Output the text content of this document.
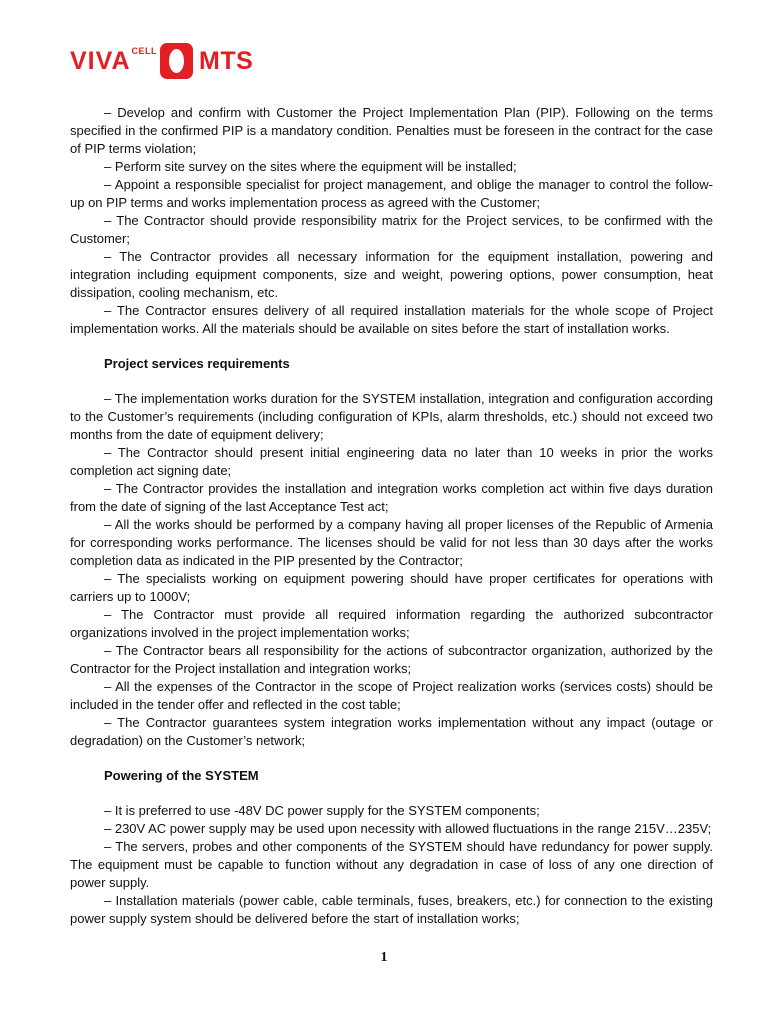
VIVA CELL MTS

– Develop and confirm with Customer the Project Implementation Plan (PIP). Following on the terms specified in the confirmed PIP is a mandatory condition. Penalties must be foreseen in the contract for the case of PIP terms violation;

– Perform site survey on the sites where the equipment will be installed;

– Appoint a responsible specialist for project management, and oblige the manager to control the follow-up on PIP terms and works implementation process as agreed with the Customer;

– The Contractor should provide responsibility matrix for the Project services, to be confirmed with the Customer;

– The Contractor provides all necessary information for the equipment installation, powering and integration including equipment components, size and weight, powering options, power consumption, heat dissipation, cooling mechanism, etc.

– The Contractor ensures delivery of all required installation materials for the whole scope of Project implementation works. All the materials should be available on sites before the start of installation works.

Project services requirements

– The implementation works duration for the SYSTEM installation, integration and configuration according to the Customer’s requirements (including configuration of KPIs, alarm thresholds, etc.) should not exceed two months from the date of equipment delivery;

– The Contractor should present initial engineering data no later than 10 weeks in prior the works completion act signing date;

– The Contractor provides the installation and integration works completion act within five days duration from the date of signing of the last Acceptance Test act;

– All the works should be performed by a company having all proper licenses of the Republic of Armenia for corresponding works performance. The licenses should be valid for not less than 30 days after the works completion data as indicated in the PIP presented by the Contractor;

– The specialists working on equipment powering should have proper certificates for operations with carriers up to 1000V;

– The Contractor must provide all required information regarding the authorized subcontractor organizations involved in the project implementation works;

– The Contractor bears all responsibility for the actions of subcontractor organization, authorized by the Contractor for the Project installation and integration works;

– All the expenses of the Contractor in the scope of Project realization works (services costs) should be included in the tender offer and reflected in the cost table;

– The Contractor guarantees system integration works implementation without any impact (outage or degradation) on the Customer’s network;

Powering of the SYSTEM

– It is preferred to use -48V DC power supply for the SYSTEM components;

– 230V AC power supply may be used upon necessity with allowed fluctuations in the range 215V…235V;

– The servers, probes and other components of the SYSTEM should have redundancy for power supply. The equipment must be capable to function without any degradation in case of loss of any one direction of power supply.

– Installation materials (power cable, cable terminals, fuses, breakers, etc.) for connection to the existing power supply system should be delivered before the start of installation works;

1
